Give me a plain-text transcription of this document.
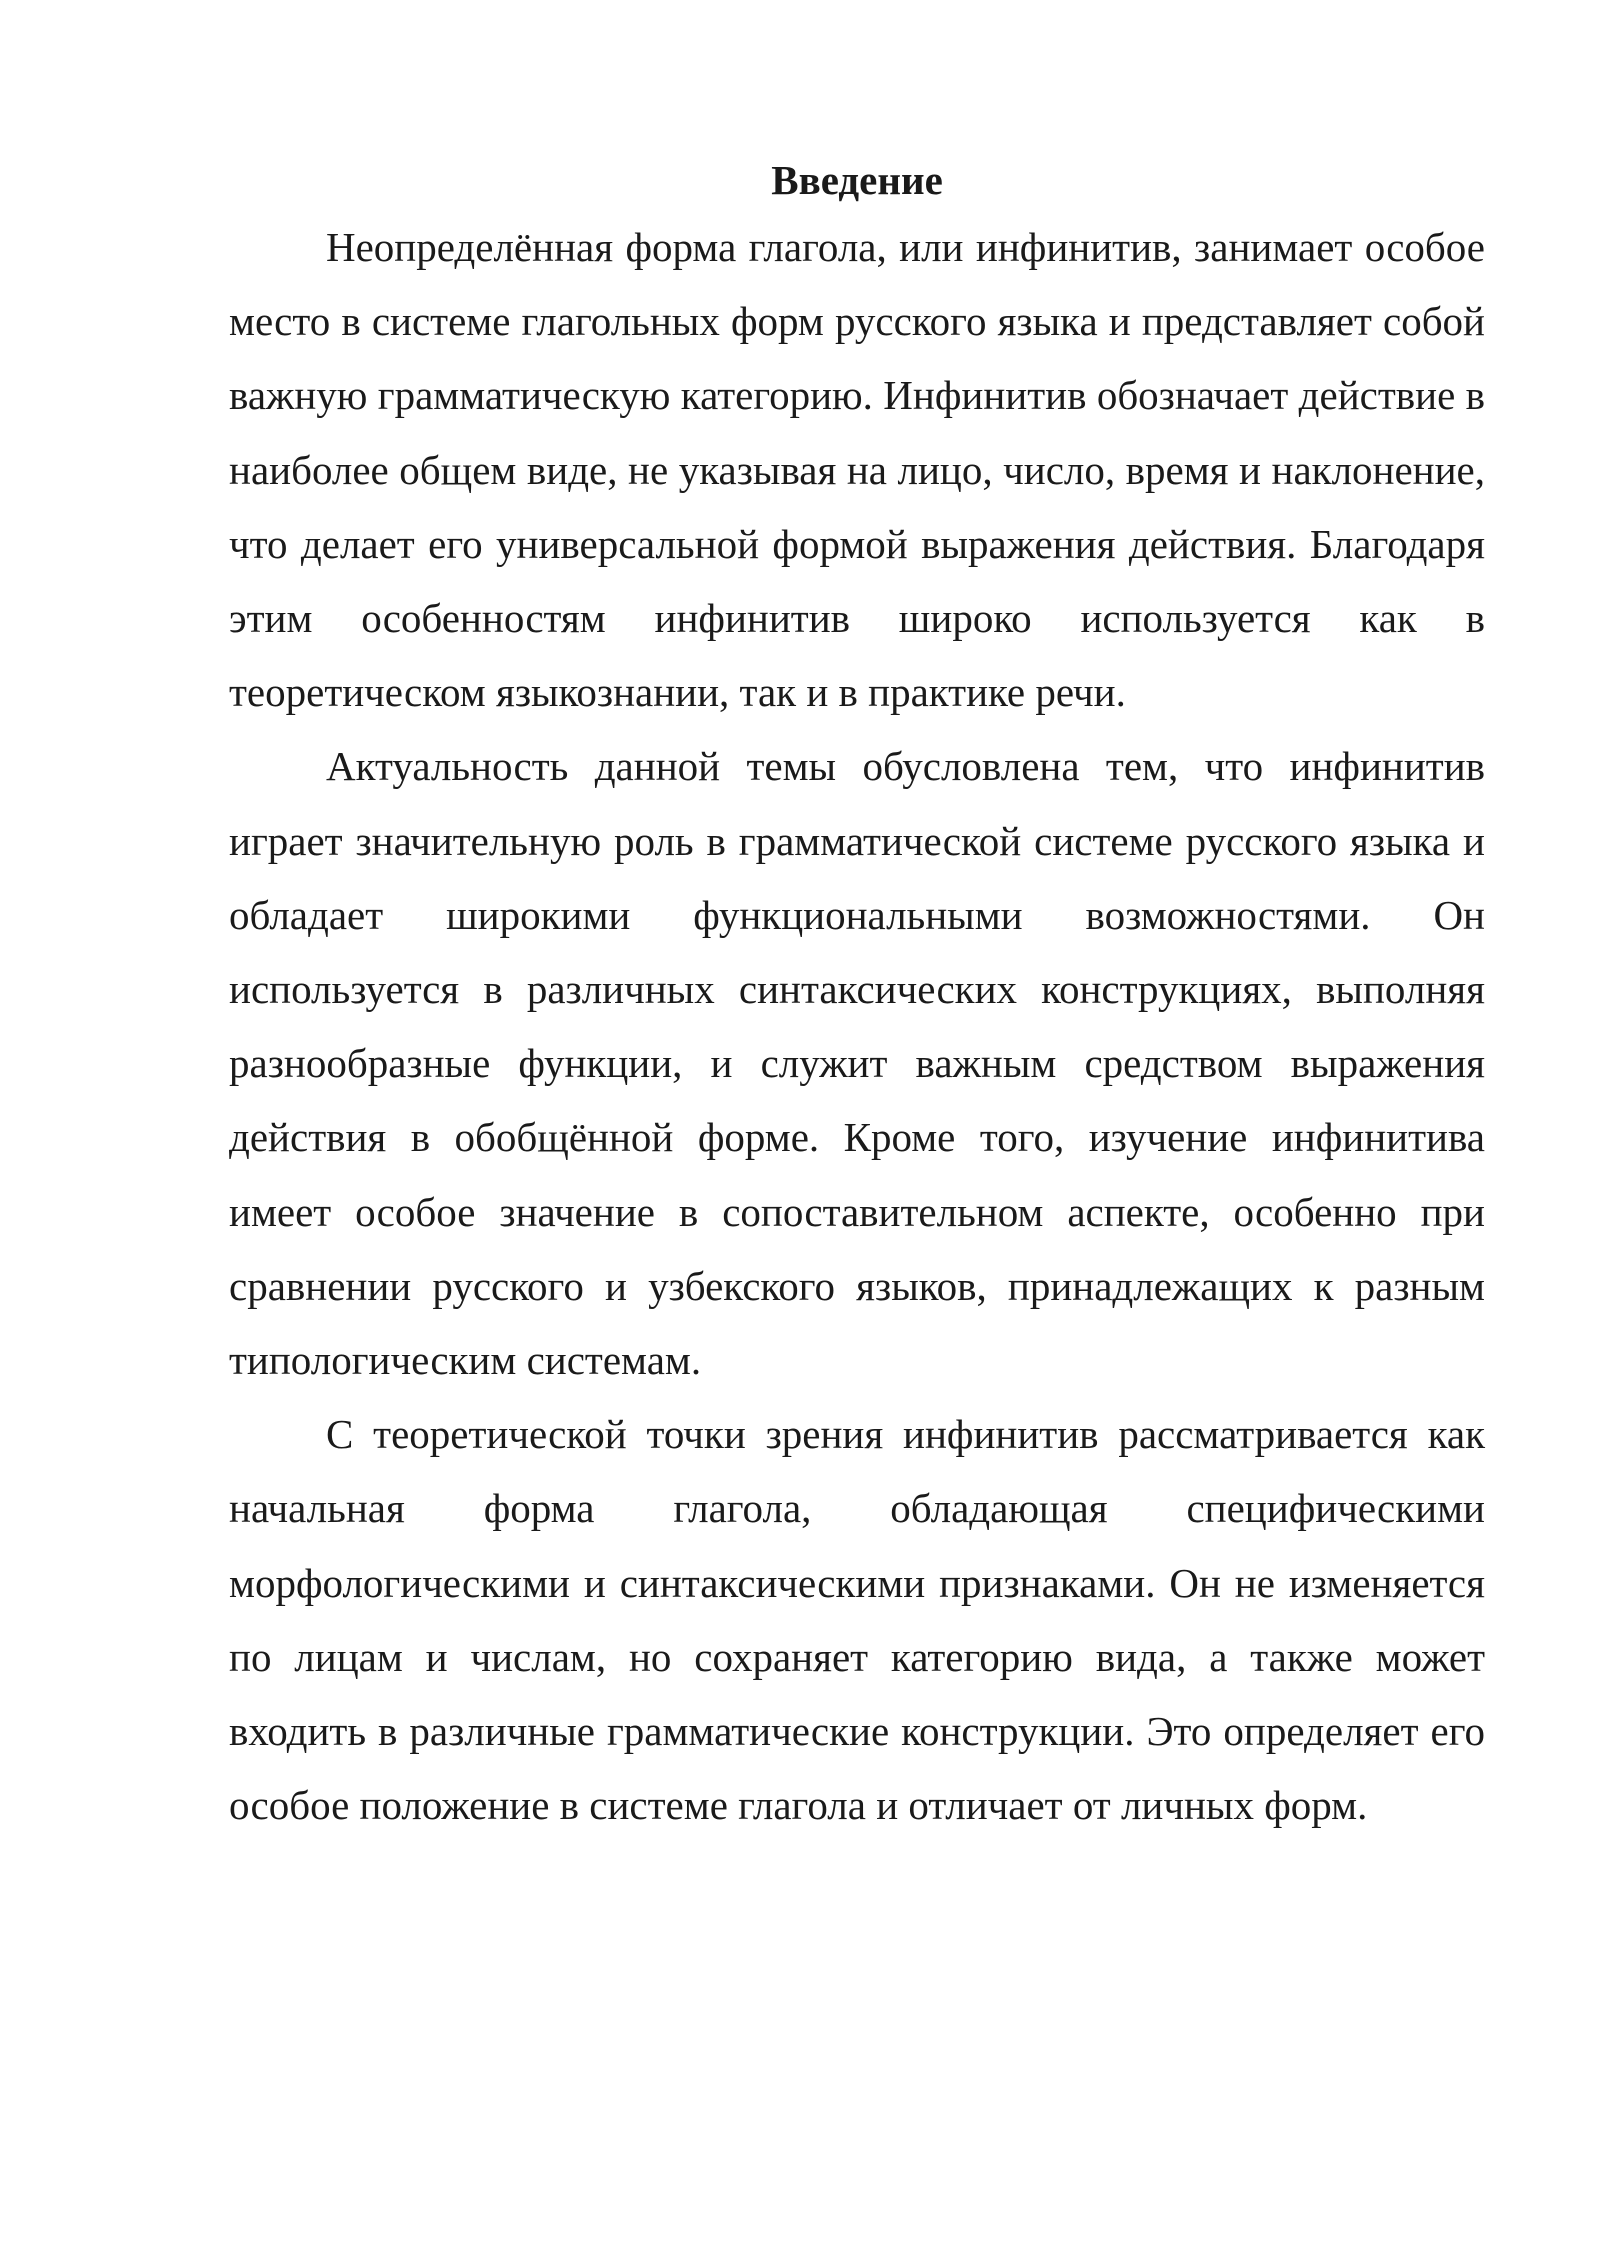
Введение

Неопределённая форма глагола, или инфинитив, занимает особое место в системе глагольных форм русского языка и представляет собой важную грамматическую категорию. Инфинитив обозначает действие в наиболее общем виде, не указывая на лицо, число, время и наклонение, что делает его универсальной формой выражения действия. Благодаря этим особенностям инфинитив широко используется как в теоретическом языкознании, так и в практике речи.

Актуальность данной темы обусловлена тем, что инфинитив играет значительную роль в грамматической системе русского языка и обладает широкими функциональными возможностями. Он используется в различных синтаксических конструкциях, выполняя разнообразные функции, и служит важным средством выражения действия в обобщённой форме. Кроме того, изучение инфинитива имеет особое значение в сопоставительном аспекте, особенно при сравнении русского и узбекского языков, принадлежащих к разным типологическим системам.

С теоретической точки зрения инфинитив рассматривается как начальная форма глагола, обладающая специфическими морфологическими и синтаксическими признаками. Он не изменяется по лицам и числам, но сохраняет категорию вида, а также может входить в различные грамматические конструкции. Это определяет его особое положение в системе глагола и отличает от личных форм.
